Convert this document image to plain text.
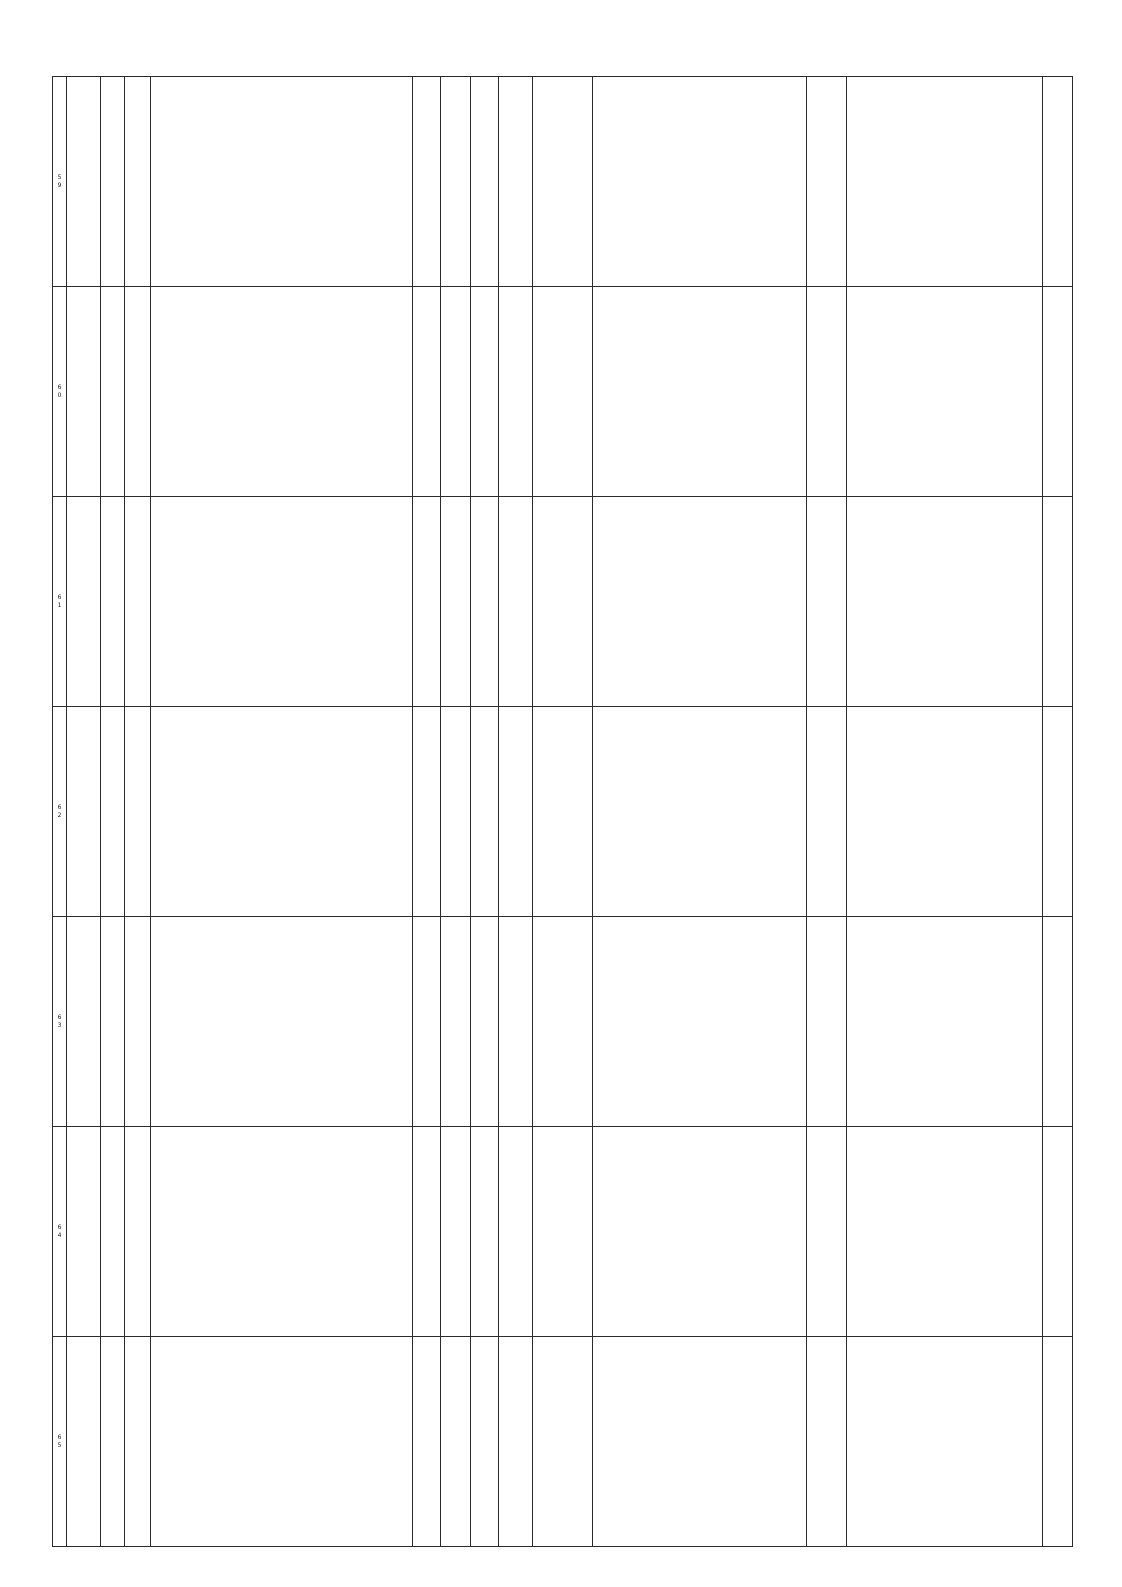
59													
60													
61													
62													
63													
64													
65													
